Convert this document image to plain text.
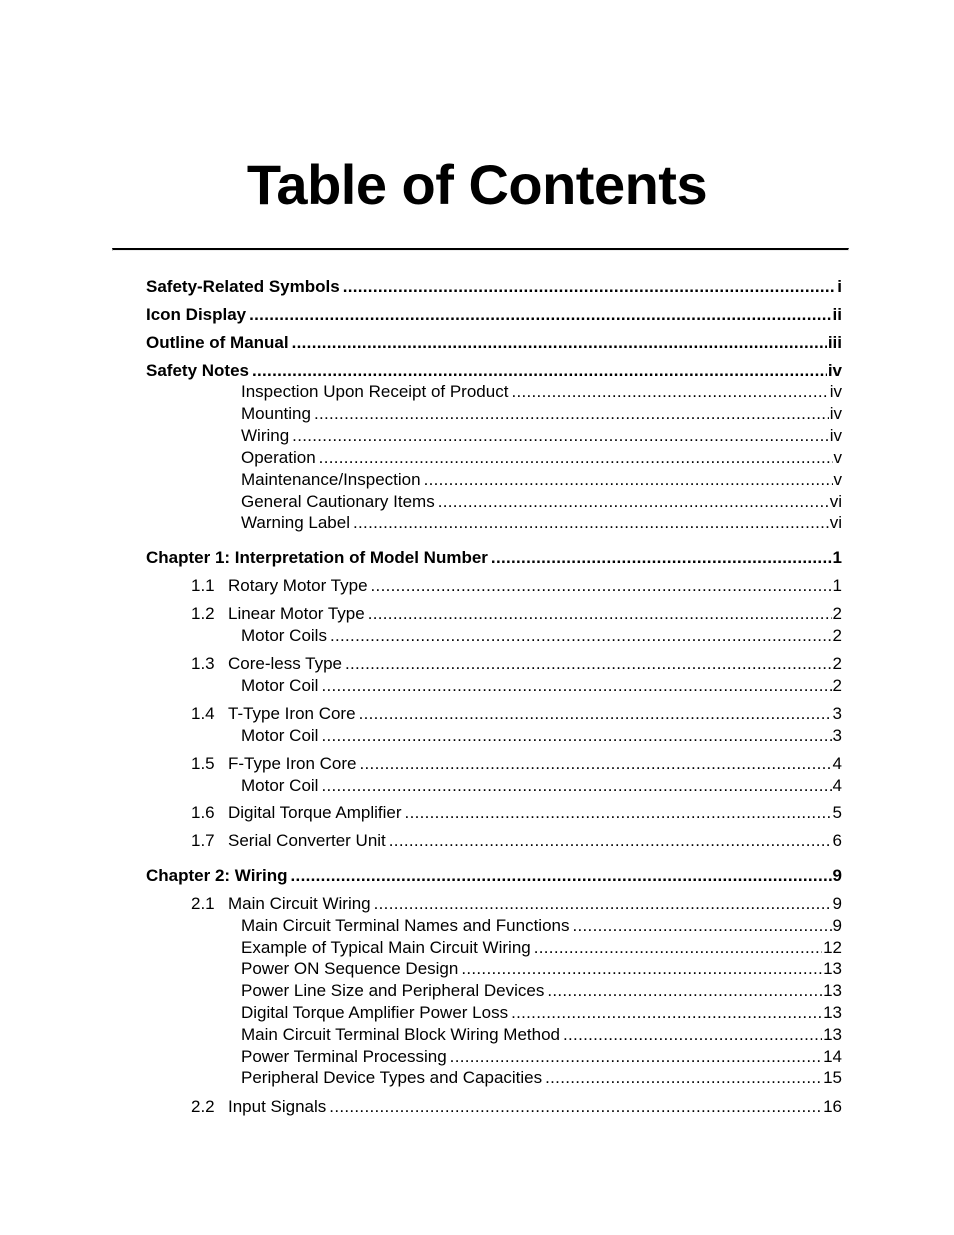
Table of Contents
Safety-Related Symbols .....	i
Icon Display .....	ii
Outline of Manual .....	iii
Safety Notes .....	iv
Inspection Upon Receipt of Product .....	iv
Mounting .....	iv
Wiring .....	iv
Operation .....	v
Maintenance/Inspection .....	v
General Cautionary Items .....	vi
Warning Label .....	vi
Chapter 1: Interpretation of Model Number .....	1
1.1 Rotary Motor Type .....	1
1.2 Linear Motor Type .....	2
Motor Coils .....	2
1.3 Core-less Type .....	2
Motor Coil .....	2
1.4 T-Type Iron Core .....	3
Motor Coil .....	3
1.5 F-Type Iron Core .....	4
Motor Coil .....	4
1.6 Digital Torque Amplifier .....	5
1.7 Serial Converter Unit .....	6
Chapter 2: Wiring .....	9
2.1 Main Circuit Wiring .....	9
Main Circuit Terminal Names and Functions .....	9
Example of Typical Main Circuit Wiring .....	12
Power ON Sequence Design .....	13
Power Line Size and Peripheral Devices .....	13
Digital Torque Amplifier Power Loss .....	13
Main Circuit Terminal Block Wiring Method .....	13
Power Terminal Processing .....	14
Peripheral Device Types and Capacities .....	15
2.2 Input Signals .....	16
